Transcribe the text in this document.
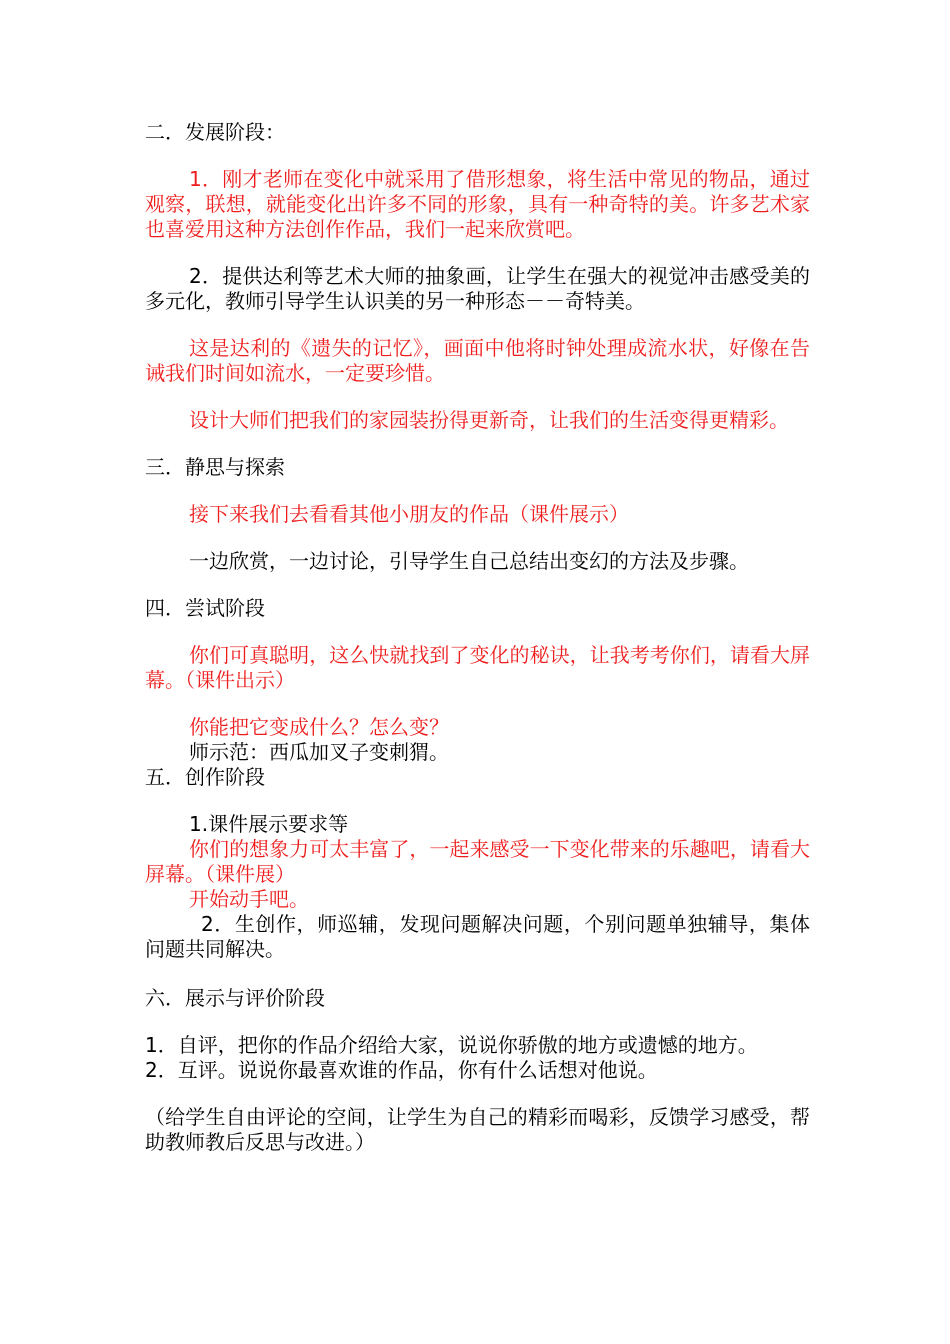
二．发展阶段：

1．刚才老师在变化中就采用了借形想象，将生活中常见的物品，通过观察，联想，就能变化出许多不同的形象，具有一种奇特的美。许多艺术家也喜爱用这种方法创作作品，我们一起来欣赏吧。

2．提供达利等艺术大师的抽象画，让学生在强大的视觉冲击感受美的多元化，教师引导学生认识美的另一种形态－－奇特美。

这是达利的《遗失的记忆》，画面中他将时钟处理成流水状，好像在告诫我们时间如流水，一定要珍惜。

设计大师们把我们的家园装扮得更新奇，让我们的生活变得更精彩。

三．静思与探索

接下来我们去看看其他小朋友的作品（课件展示）

一边欣赏，一边讨论，引导学生自己总结出变幻的方法及步骤。

四．尝试阶段

你们可真聪明，这么快就找到了变化的秘诀，让我考考你们，请看大屏幕。（课件出示）

你能把它变成什么？怎么变？

师示范：西瓜加叉子变刺猬。

五．创作阶段

1.课件展示要求等

你们的想象力可太丰富了，一起来感受一下变化带来的乐趣吧，请看大屏幕。（课件展）

开始动手吧。

2．生创作，师巡辅，发现问题解决问题，个别问题单独辅导，集体问题共同解决。

六．展示与评价阶段

1．自评，把你的作品介绍给大家，说说你骄傲的地方或遗憾的地方。

2．互评。说说你最喜欢谁的作品，你有什么话想对他说。

（给学生自由评论的空间，让学生为自己的精彩而喝彩，反馈学习感受，帮助教师教后反思与改进。）
